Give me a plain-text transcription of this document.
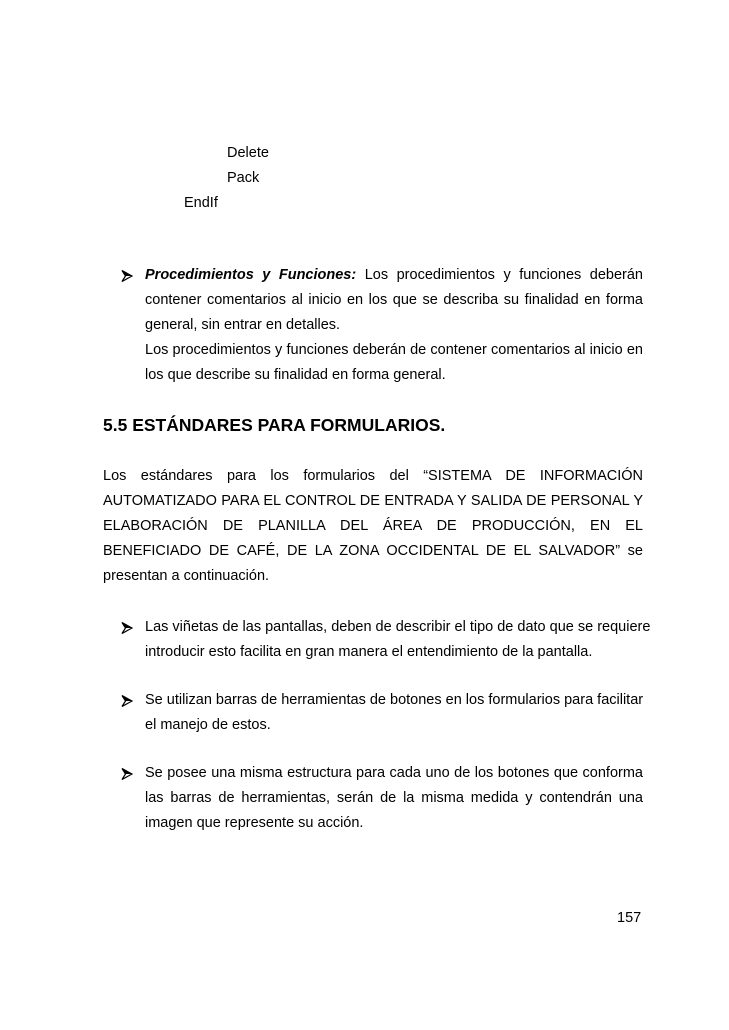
Delete
Pack
EndIf
Procedimientos y Funciones: Los procedimientos y funciones deberán
contener comentarios al inicio en los que se describa su finalidad en forma
general, sin entrar en detalles.
Los procedimientos y funciones deberán de contener comentarios al inicio en
los que describe su finalidad en forma general.
5.5 ESTÁNDARES PARA FORMULARIOS.
Los estándares para los formularios del “SISTEMA DE INFORMACIÓN
AUTOMATIZADO PARA EL CONTROL DE ENTRADA Y SALIDA DE PERSONAL Y
ELABORACIÓN DE PLANILLA DEL ÁREA DE PRODUCCIÓN, EN EL
BENEFICIADO DE CAFÉ, DE LA ZONA OCCIDENTAL DE EL SALVADOR” se
presentan a continuación.
Las viñetas de las pantallas, deben de describir el tipo de dato que se requiere
introducir esto facilita en gran manera el entendimiento de la pantalla.
Se utilizan barras de herramientas de botones en los formularios para facilitar
el manejo de estos.
Se posee una misma estructura para cada uno de los botones que conforma
las barras de herramientas, serán de la misma medida y contendrán una
imagen que represente su acción.
157
